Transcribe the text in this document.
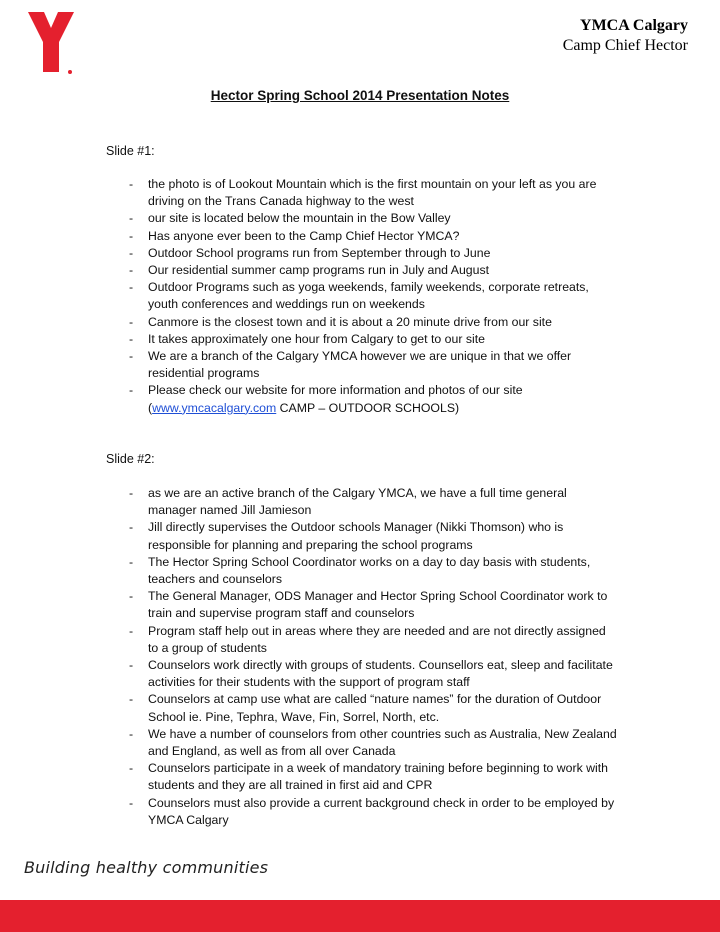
YMCA Calgary
Camp Chief Hector
Hector Spring School 2014 Presentation Notes
Slide #1:
- the photo is of Lookout Mountain which is the first mountain on your left as you are driving on the Trans Canada highway to the west
- our site is located below the mountain in the Bow Valley
- Has anyone ever been to the Camp Chief Hector YMCA?
- Outdoor School programs run from September through to June
- Our residential summer camp programs run in July and August
- Outdoor Programs such as yoga weekends, family weekends, corporate retreats, youth conferences and weddings run on weekends
- Canmore is the closest town and it is about a 20 minute drive from our site
- It takes approximately one hour from Calgary to get to our site
- We are a branch of the Calgary YMCA however we are unique in that we offer residential programs
- Please check our website for more information and photos of our site (www.ymcacalgary.com CAMP – OUTDOOR SCHOOLS)
Slide #2:
- as we are an active branch of the Calgary YMCA, we have a full time general manager named Jill Jamieson
- Jill directly supervises the Outdoor schools Manager (Nikki Thomson) who is responsible for planning and preparing the school programs
- The Hector Spring School Coordinator works on a day to day basis with students, teachers and counselors
- The General Manager, ODS Manager and Hector Spring School Coordinator work to train and supervise program staff and counselors
- Program staff help out in areas where they are needed and are not directly assigned to a group of students
- Counselors work directly with groups of students. Counsellors eat, sleep and facilitate activities for their students with the support of program staff
- Counselors at camp use what are called “nature names” for the duration of Outdoor School ie. Pine, Tephra, Wave, Fin, Sorrel, North, etc.
- We have a number of counselors from other countries such as Australia, New Zealand and England, as well as from all over Canada
- Counselors participate in a week of mandatory training before beginning to work with students and they are all trained in first aid and CPR
- Counselors must also provide a current background check in order to be employed by YMCA Calgary
Building healthy communities
